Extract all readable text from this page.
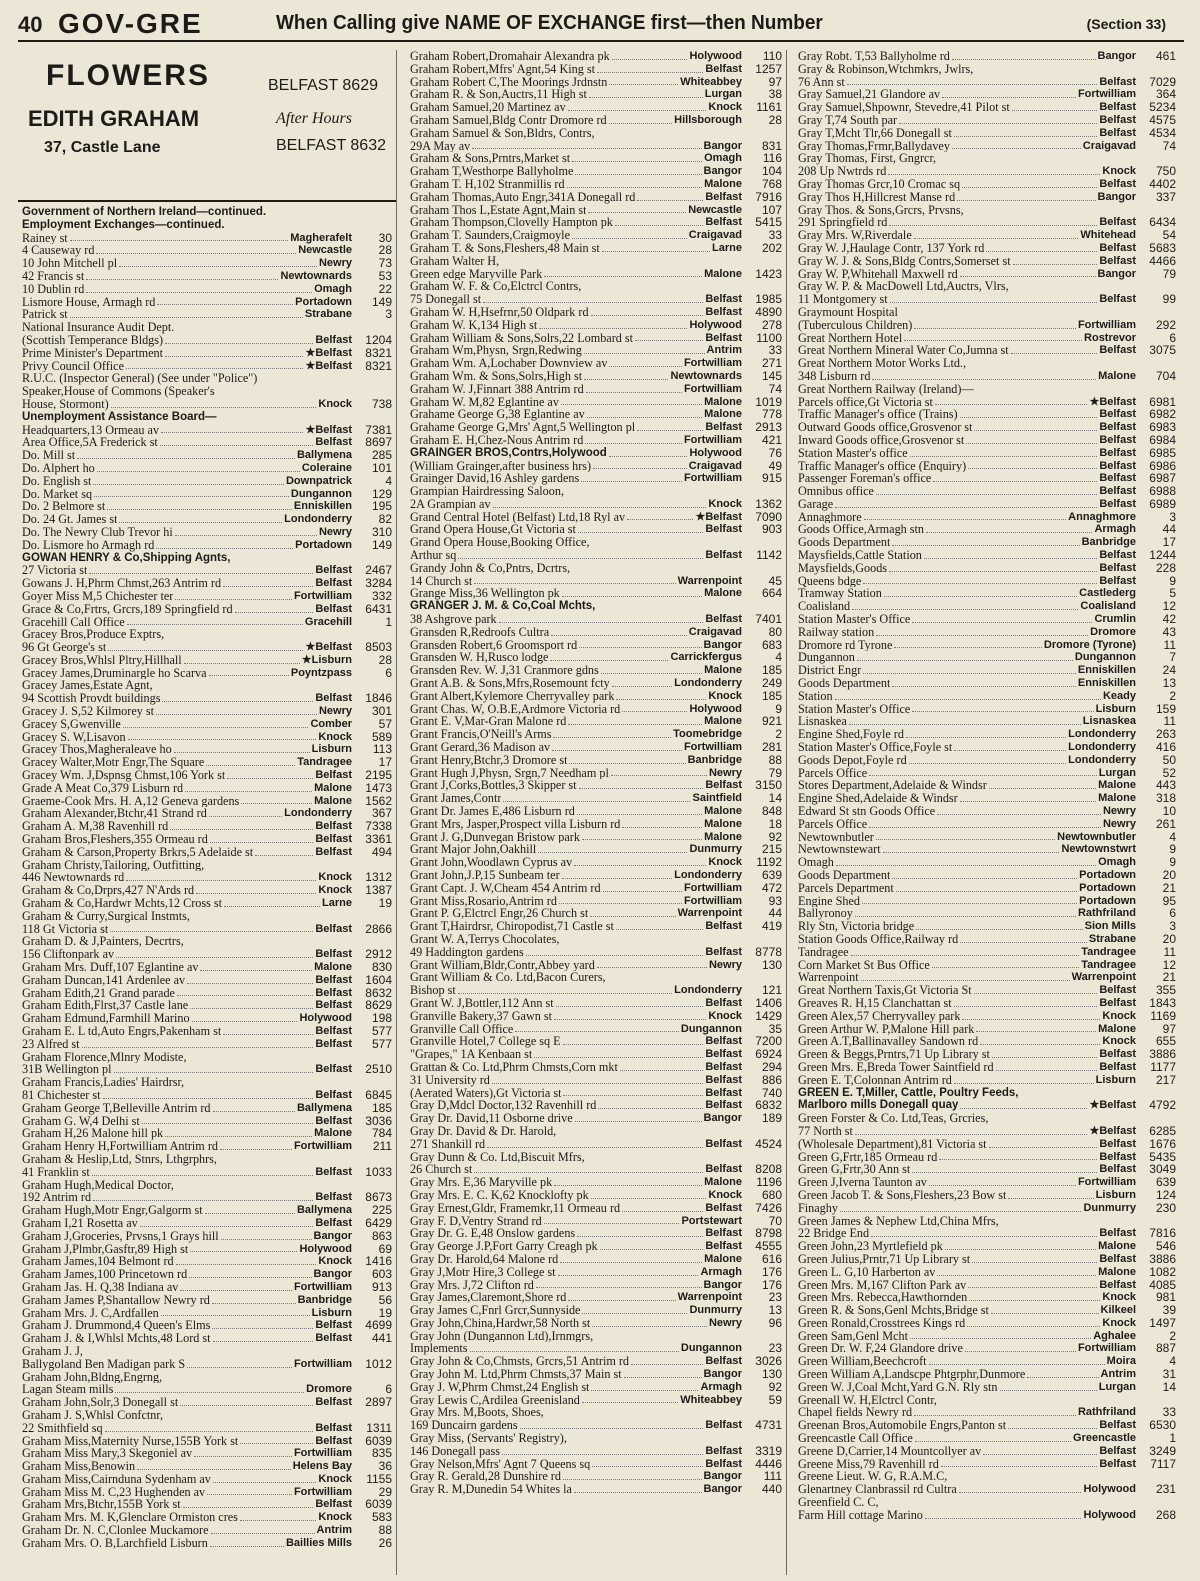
40 GOV-GRE	When Calling give NAME OF EXCHANGE first—then Number	(Section 33)
FLOWERS	BELFAST 8629
EDITH GRAHAM	After Hours
37, Castle Lane	BELFAST 8632
Government of Northern Ireland—continued.
Employment Exchanges—continued.
Rainey st	Magherafelt	30
4 Causeway rd	Newcastle	28
10 John Mitchell pl	Newry	73
42 Francis st	Newtownards	53
10 Dublin rd	Omagh	22
Lismore House, Armagh rd	Portadown	149
Patrick st	Strabane	3
National Insurance Audit Dept.
(Scottish Temperance Bldgs)	Belfast	1204
Prime Minister's Department	★Belfast	8321
Privy Council Office	★Belfast	8321
R.U.C. (Inspector General) (See under "Police")
Speaker,House of Commons (Speaker's
House, Stormont)	Knock	738
Unemployment Assistance Board—
Headquarters,13 Ormeau av	★Belfast	7381
Area Office,5A Frederick st	Belfast	8697
Do. Mill st	Ballymena	285
Do. Alphert ho	Coleraine	101
Do. English st	Downpatrick	4
Do. Market sq	Dungannon	129
Do. 2 Belmore st	Enniskillen	195
Do. 24 Gt. James st	Londonderry	82
Do. The Newry Club Trevor hi	Newry	310
Do. Lismore ho Armagh rd	Portadown	149
GOWAN HENRY & Co,Shipping Agnts,
27 Victoria st	Belfast	2467
Gowans J. H,Phrm Chmst,263 Antrim rd	Belfast	3284
Goyer Miss M,5 Chichester ter	Fortwilliam	332
Grace & Co,Frtrs, Grcrs,189 Springfield rd	Belfast	6431
Gracehill Call Office	Gracehill	1
Gracey Bros,Produce Exptrs,
96 Gt George's st	★Belfast	8503
Gracey Bros,Whlsl Pltry,Hillhall	★Lisburn	28
Gracey James,Druminargle ho Scarva	Poyntzpass	6
Gracey James,Estate Agnt,
94 Scottish Provdt buildings	Belfast	1846
Gracey J. S,52 Kilmorey st	Newry	301
Gracey S,Gwenville	Comber	57
Gracey S. W,Lisavon	Knock	589
Gracey Thos,Magheraleave ho	Lisburn	113
Gracey Walter,Motr Engr,The Square	Tandragee	17
Gracey Wm. J,Dspnsg Chmst,106 York st	Belfast	2195
Grade A Meat Co,379 Lisburn rd	Malone	1473
Graeme-Cook Mrs. H. A,12 Geneva gardens	Malone	1562
Graham Alexander,Btchr,41 Strand rd	Londonderry	367
Graham A. M,38 Ravenhill rd	Belfast	7338
Graham Bros,Fleshers,355 Ormeau rd	Belfast	3361
Graham & Carson,Property Brkrs,5 Adelaide st	Belfast	494
Graham Christy,Tailoring, Outfitting,
446 Newtownards rd	Knock	1312
Graham & Co,Drprs,427 N'Ards rd	Knock	1387
Graham & Co,Hardwr Mchts,12 Cross st	Larne	19
Graham & Curry,Surgical Instmts,
118 Gt Victoria st	Belfast	2866
Graham D. & J,Painters, Decrtrs,
156 Cliftonpark av	Belfast	2912
Graham Mrs. Duff,107 Eglantine av	Malone	830
Graham Duncan,141 Ardenlee av	Belfast	1604
Graham Edith,21 Grand parade	Belfast	8632
Graham Edith,Flrst,37 Castle lane	Belfast	8629
Graham Edmund,Farmhill Marino	Holywood	198
Graham E. L td,Auto Engrs,Pakenham st	Belfast	577
23 Alfred st	Belfast	577
Graham Florence,Mlnry Modiste,
31B Wellington pl	Belfast	2510
Graham Francis,Ladies' Hairdrsr,
81 Chichester st	Belfast	6845
Graham George T,Belleville Antrim rd	Ballymena	185
Graham G. W,4 Delhi st	Belfast	3036
Graham H,26 Malone hill pk	Malone	784
Graham Henry H,Fortwilliam Antrim rd	Fortwilliam	211
Graham & Heslip,Ltd, Stnrs, Lthgrphrs,
41 Franklin st	Belfast	1033
Graham Hugh,Medical Doctor,
192 Antrim rd	Belfast	8673
Graham Hugh,Motr Engr,Galgorm st	Ballymena	225
Graham I,21 Rosetta av	Belfast	6429
Graham J,Groceries, Prvsns,1 Grays hill	Bangor	863
Graham J,Plmbr,Gasftr,89 High st	Holywood	69
Graham James,104 Belmont rd	Knock	1416
Graham James,100 Princetown rd	Bangor	603
Graham Jas. H. Q,38 Indiana av	Fortwilliam	913
Graham James P,Shantallow Newry rd	Banbridge	56
Graham Mrs. J. C,Ardfallen	Lisburn	19
Graham J. Drummond,4 Queen's Elms	Belfast	4699
Graham J. & I,Whlsl Mchts,48 Lord st	Belfast	441
Graham J. J,
Ballygoland Ben Madigan park S	Fortwilliam	1012
Graham John,Bldng,Engrng,
Lagan Steam mills	Dromore	6
Graham John,Solr,3 Donegall st	Belfast	2897
Graham J. S,Whlsl Confctnr,
22 Smithfield sq	Belfast	1311
Graham Miss,Maternity Nurse,155B York st	Belfast	6039
Graham Miss Mary,3 Skegoniel av	Fortwilliam	835
Graham Miss,Benowin	Helens Bay	36
Graham Miss,Cairnduna Sydenham av	Knock	1155
Graham Miss M. C,23 Hughenden av	Fortwilliam	29
Graham Mrs,Btchr,155B York st	Belfast	6039
Graham Mrs. M. K,Glenclare Ormiston cres	Knock	583
Graham Dr. N. C,Clonlee Muckamore	Antrim	88
Graham Mrs. O. B,Larchfield Lisburn	Baillies Mills	26
Graham Robert,Dromahair Alexandra pk	Holywood	110
Graham Robert,Mfrs' Agnt,54 King st	Belfast	1257
Graham Robert C,The Moorings Jrdnstn	Whiteabbey	97
Graham R. & Son,Auctrs,11 High st	Lurgan	38
Graham Samuel,20 Martinez av	Knock	1161
Graham Samuel,Bldg Contr Dromore rd	Hillsborough	28
Graham Samuel & Son,Bldrs, Contrs,
29A May av	Bangor	831
Graham & Sons,Prntrs,Market st	Omagh	116
Graham T,Westhorpe Ballyholme	Bangor	104
Graham T. H,102 Stranmillis rd	Malone	768
Graham Thomas,Auto Engr,341A Donegall rd	Belfast	7916
Graham Thos L,Estate Agnt,Main st	Newcastle	107
Graham Thompson,Clovelly Hampton pk	Belfast	5415
Graham T. Saunders,Craigmoyle	Craigavad	33
Graham T. & Sons,Fleshers,48 Main st	Larne	202
Graham Walter H,
Green edge Maryville Park	Malone	1423
Graham W. F. & Co,Elctrcl Contrs,
75 Donegall st	Belfast	1985
Graham W. H,Hsefrnr,50 Oldpark rd	Belfast	4890
Graham W. K,134 High st	Holywood	278
Graham William & Sons,Solrs,22 Lombard st	Belfast	1100
Graham Wm,Physn, Srgn,Redwing	Antrim	33
Graham Wm. A,Lochaber Downview av	Fortwilliam	271
Graham Wm. & Sons,Solrs,High st	Newtownards	145
Graham W. J,Finnart 388 Antrim rd	Fortwilliam	74
Graham W. M,82 Eglantine av	Malone	1019
Grahame George G,38 Eglantine av	Malone	778
Grahame George G,Mrs' Agnt,5 Wellington pl	Belfast	2913
Graham E. H,Chez-Nous Antrim rd	Fortwilliam	421
GRAINGER BROS,Contrs,Holywood	Holywood	76
(William Grainger,after business hrs)	Craigavad	49
Grainger David,16 Ashley gardens	Fortwilliam	915
Grampian Hairdressing Saloon,
2A Grampian av	Knock	1362
Grand Central Hotel (Belfast) Ltd,18 Ryl av	★Belfast	7090
Grand Opera House,Gt Victoria st	Belfast	903
Grand Opera House,Booking Office,
Arthur sq	Belfast	1142
Grandy John & Co,Pntrs, Dcrtrs,
14 Church st	Warrenpoint	45
Grange Miss,36 Wellington pk	Malone	664
GRANGER J. M. & Co,Coal Mchts,
38 Ashgrove park	Belfast	7401
Gransden R,Redroofs Cultra	Craigavad	80
Gransden Robert,6 Groomsport rd	Bangor	683
Gransden W. H,Rusco lodge	Carrickfergus	4
Gransden Rev. W. J,31 Cranmore gdns	Malone	185
Grant A.B. & Sons,Mfrs,Rosemount fcty	Londonderry	249
Grant Albert,Kylemore Cherryvalley park	Knock	185
Grant Chas. W, O.B.E,Ardmore Victoria rd	Holywood	9
Grant E. V,Mar-Gran Malone rd	Malone	921
Grant Francis,O'Neill's Arms	Toomebridge	2
Grant Gerard,36 Madison av	Fortwilliam	281
Grant Henry,Btchr,3 Dromore st	Banbridge	88
Grant Hugh J,Physn, Srgn,7 Needham pl	Newry	79
Grant J,Corks,Bottles,3 Skipper st	Belfast	3150
Grant James,Contr	Saintfield	14
Grant Dr. James E,486 Lisburn rd	Malone	848
Grant Mrs, Jasper,Prospect villa Lisburn rd	Malone	18
Grant J. G,Dunvegan Bristow park	Malone	92
Grant Major John,Oakhill	Dunmurry	215
Grant John,Woodlawn Cyprus av	Knock	1192
Grant John,J.P,15 Sunbeam ter	Londonderry	639
Grant Capt. J. W,Cheam 454 Antrim rd	Fortwilliam	472
Grant Miss,Rosario,Antrim rd	Fortwilliam	93
Grant P. G,Elctrcl Engr,26 Church st	Warrenpoint	44
Grant T,Hairdrsr, Chiropodist,71 Castle st	Belfast	419
Grant W. A,Terrys Chocolates,
49 Haddington gardens	Belfast	8778
Grant William,Bldr,Contr,Abbey yard	Newry	130
Grant William & Co. Ltd,Bacon Curers,
Bishop st	Londonderry	121
Grant W. J,Bottler,112 Ann st	Belfast	1406
Granville Bakery,37 Gawn st	Knock	1429
Granville Call Office	Dungannon	35
Granville Hotel,7 College sq E	Belfast	7200
"Grapes," 1A Kenbaan st	Belfast	6924
Grattan & Co. Ltd,Phrm Chmsts,Corn mkt	Belfast	294
31 University rd	Belfast	886
(Aerated Waters),Gt Victoria st	Belfast	740
Gray D,Mdcl Doctor,132 Ravenhill rd	Belfast	6832
Gray Dr. David,11 Osborne drive	Bangor	189
Gray Dr. David & Dr. Harold,
271 Shankill rd	Belfast	4524
Gray Dunn & Co. Ltd,Biscuit Mfrs,
26 Church st	Belfast	8208
Gray Mrs. E,36 Maryville pk	Malone	1196
Gray Mrs. E. C. K,62 Knocklofty pk	Knock	680
Gray Ernest,Gldr, Framemkr,11 Ormeau rd	Belfast	7426
Gray F. D,Ventry Strand rd	Portstewart	70
Gray Dr. G. E,48 Onslow gardens	Belfast	8798
Gray George J.P,Fort Garry Creagh pk	Belfast	4555
Gray Dr. Harold,64 Malone rd	Malone	616
Gray J,Motr Hire,3 College st	Armagh	176
Gray Mrs. J,72 Clifton rd	Bangor	176
Gray James,Claremont,Shore rd	Warrenpoint	23
Gray James C,Fnrl Grcr,Sunnyside	Dunmurry	13
Gray John,China,Hardwr,58 North st	Newry	96
Gray John (Dungannon Ltd),Irnmgrs,
Implements	Dungannon	23
Gray John & Co,Chmsts, Grcrs,51 Antrim rd	Belfast	3026
Gray John M. Ltd,Phrm Chmsts,37 Main st	Bangor	130
Gray J. W,Phrm Chmst,24 English st	Armagh	92
Gray Lewis C,Ardilea Greenisland	Whiteabbey	59
Gray Mrs. M,Boots, Shoes,
169 Duncairn gardens	Belfast	4731
Gray Miss, (Servants' Registry),
146 Donegall pass	Belfast	3319
Gray Nelson,Mfrs' Agnt 7 Queens sq	Belfast	4446
Gray R. Gerald,28 Dunshire rd	Bangor	111
Gray R. M,Dunedin 54 Whites la	Bangor	440
Gray Robt. T,53 Ballyholme rd	Bangor	461
Gray & Robinson,Wtchmkrs, Jwlrs,
76 Ann st	Belfast	7029
Gray Samuel,21 Glandore av	Fortwilliam	364
Gray Samuel,Shpownr, Stevedre,41 Pilot st	Belfast	5234
Gray T,74 South par	Belfast	4575
Gray T,Mcht Tlr,66 Donegall st	Belfast	4534
Gray Thomas,Frmr,Ballydavey	Craigavad	74
Gray Thomas, First, Gngrcr,
208 Up Nwtrds rd	Knock	750
Gray Thomas Grcr,10 Cromac sq	Belfast	4402
Gray Thos H,Hillcrest Manse rd	Bangor	337
Gray Thos. & Sons,Grcrs, Prvsns,
291 Springfield rd	Belfast	6434
Gray Mrs. W,Riverdale	Whitehead	54
Gray W. J,Haulage Contr, 137 York rd	Belfast	5683
Gray W. J. & Sons,Bldg Contrs,Somerset st	Belfast	4466
Gray W. P,Whitehall Maxwell rd	Bangor	79
Gray W. P. & MacDowell Ltd,Auctrs, Vlrs,
11 Montgomery st	Belfast	99
Graymount Hospital
(Tuberculous Children)	Fortwilliam	292
Great Northern Hotel	Rostrevor	6
Great Northern Mineral Water Co,Jumna st	Belfast	3075
Great Northern Motor Works Ltd.,
348 Lisburn rd	Malone	704
Great Northern Railway (Ireland)—
Parcels office,Gt Victoria st	★Belfast	6981
Traffic Manager's office (Trains)	Belfast	6982
Outward Goods office,Grosvenor st	Belfast	6983
Inward Goods office,Grosvenor st	Belfast	6984
Station Master's office	Belfast	6985
Traffic Manager's office (Enquiry)	Belfast	6986
Passenger Foreman's office	Belfast	6987
Omnibus office	Belfast	6988
Garage	Belfast	6989
Annaghmore	Annaghmore	3
Goods Office,Armagh stn	Armagh	44
Goods Department	Banbridge	17
Maysfields,Cattle Station	Belfast	1244
Maysfields,Goods	Belfast	228
Queens bdge	Belfast	9
Tramway Station	Castlederg	5
Coalisland	Coalisland	12
Station Master's Office	Crumlin	42
Railway station	Dromore	43
Dromore rd Tyrone	Dromore (Tyrone)	11
Dungannon	Dungannon	7
District Engr	Enniskillen	24
Goods Department	Enniskillen	13
Station	Keady	2
Station Master's Office	Lisburn	159
Lisnaskea	Lisnaskea	11
Engine Shed,Foyle rd	Londonderry	263
Station Master's Office,Foyle st	Londonderry	416
Goods Depot,Foyle rd	Londonderry	50
Parcels Office	Lurgan	52
Stores Department,Adelaide & Windsr	Malone	443
Engine Shed,Adelaide & Windsr	Malone	318
Edward St stn Goods Office	Newry	10
Parcels Office	Newry	261
Newtownbutler	Newtownbutler	4
Newtownstewart	Newtownstwrt	9
Omagh	Omagh	9
Goods Department	Portadown	20
Parcels Department	Portadown	21
Engine Shed	Portadown	95
Ballyronoy	Rathfriland	6
Rly Stn, Victoria bridge	Sion Mills	3
Station Goods Office,Railway rd	Strabane	20
Tandragee	Tandragee	11
Corn Market St Bus Office	Tandragee	12
Warrenpoint	Warrenpoint	21
Great Northern Taxis,Gt Victoria St	Belfast	355
Greaves R. H,15 Clanchattan st	Belfast	1843
Green Alex,57 Cherryvalley park	Knock	1169
Green Arthur W. P,Malone Hill park	Malone	97
Green A.T,Ballinavalley Sandown rd	Knock	655
Green & Beggs,Prntrs,71 Up Library st	Belfast	3886
Green Mrs. E,Breda Tower Saintfield rd	Belfast	1177
Green E. T,Colonnan Antrim rd	Lisburn	217
GREEN E. T,Miller, Cattle, Poultry Feeds,
Marlboro mills Donegall quay	★Belfast	4792
Green Forster & Co. Ltd,Teas, Grcries,
77 North st	★Belfast	6285
(Wholesale Department),81 Victoria st	Belfast	1676
Green G,Frtr,185 Ormeau rd	Belfast	5435
Green G,Frtr,30 Ann st	Belfast	3049
Green J,Iverna Taunton av	Fortwilliam	639
Green Jacob T. & Sons,Fleshers,23 Bow st	Lisburn	124
Finaghy	Dunmurry	230
Green James & Nephew Ltd,China Mfrs,
22 Bridge End	Belfast	7816
Green John,23 Myrtlefield pk	Malone	546
Green Julius,Prntr,71 Up Library st	Belfast	3886
Green L. G,10 Harberton av	Malone	1082
Green Mrs. M,167 Clifton Park av	Belfast	4085
Green Mrs. Rebecca,Hawthornden	Knock	981
Green R. & Sons,Genl Mchts,Bridge st	Kilkeel	39
Green Ronald,Crosstrees Kings rd	Knock	1497
Green Sam,Genl Mcht	Aghalee	2
Green Dr. W. F,24 Glandore drive	Fortwilliam	887
Green William,Beechcroft	Moira	4
Green William A,Landscpe Phtgrphr,Dunmore	Antrim	31
Green W. J,Coal Mcht,Yard G.N. Rly stn	Lurgan	14
Greenall W. H,Elctrcl Contr,
Chapel fields Newry rd	Rathfriland	33
Greenan Bros,Automobile Engrs,Panton st	Belfast	6530
Greencastle Call Office	Greencastle	1
Greene D,Carrier,14 Mountcollyer av	Belfast	3249
Greene Miss,79 Ravenhill rd	Belfast	7117
Greene Lieut. W. G, R.A.M.C,
Glenartney Clanbrassil rd Cultra	Holywood	231
Greenfield C. C,
Farm Hill cottage Marino	Holywood	268
